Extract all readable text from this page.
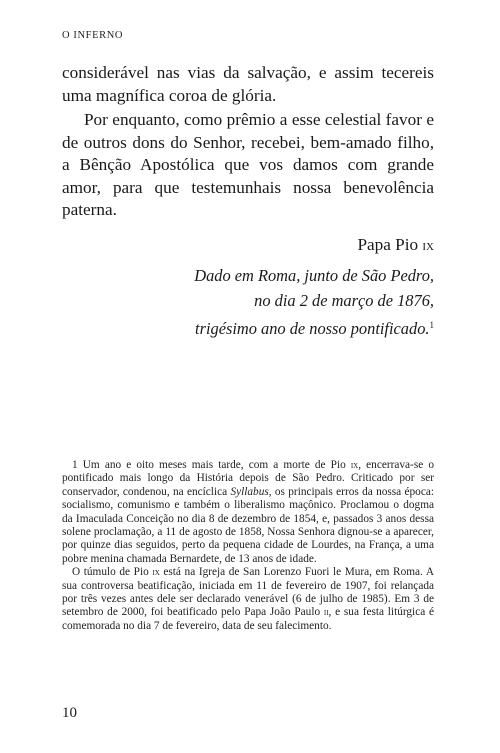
O INFERNO

considerável nas vias da salvação, e assim tecereis uma magnífica coroa de glória.

Por enquanto, como prêmio a esse celestial favor e de outros dons do Senhor, recebei, bem-amado filho, a Bênção Apostólica que vos damos com grande amor, para que testemunhais nossa benevolência paterna.

Papa Pio ix
Dado em Roma, junto de São Pedro,
no dia 2 de março de 1876,
trigésimo ano de nosso pontificado.$^1$

1 Um ano e oito meses mais tarde, com a morte de Pio ix, encerrava-se o pontificado mais longo da História depois de São Pedro. Criticado por ser conservador, condenou, na encíclica Syllabus, os principais erros da nossa época: socialismo, comunismo e também o liberalismo maçônico. Proclamou o dogma da Imaculada Conceição no dia 8 de dezembro de 1854, e, passados 3 anos dessa solene proclamação, a 11 de agosto de 1858, Nossa Senhora dignou-se a aparecer, por quinze dias seguidos, perto da pequena cidade de Lourdes, na França, a uma pobre menina chamada Bernardete, de 13 anos de idade.

O túmulo de Pio ix está na Igreja de San Lorenzo Fuori le Mura, em Roma. A sua controversa beatificação, iniciada em 11 de fevereiro de 1907, foi relançada por três vezes antes dele ser declarado venerável (6 de julho de 1985). Em 3 de setembro de 2000, foi beatificado pelo Papa João Paulo ii, e sua festa litúrgica é comemorada no dia 7 de fevereiro, data de seu falecimento.

10
